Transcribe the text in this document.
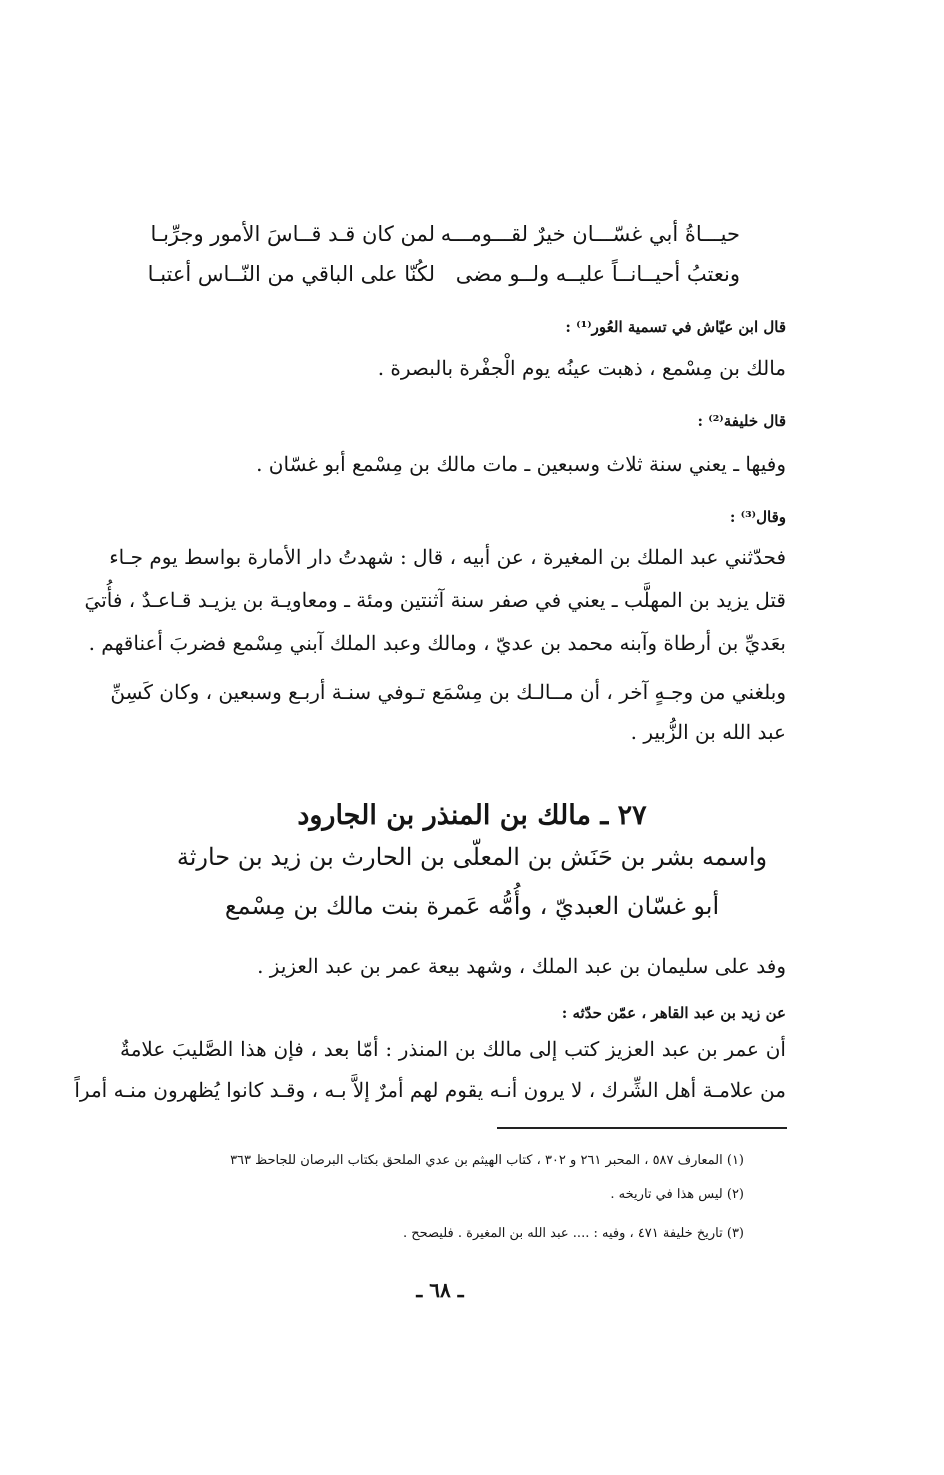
حيـــاةُ أبي غسّـــان خيرٌ لقـــومـــه
لمن كان قـد قــاسَ الأمور وجرِّبـا
ونعتبُ أحيــانــاً عليــه ولــو مضى
لكُنّا على الباقي من النّــاس أعتبـا
قال ابن عيّاش في تسمية العُور⁽¹⁾ :
مالك بن مِسْمع ، ذهبت عينُه يوم الْجفْرة بالبصرة .
قال خليفة⁽²⁾ :
وفيها ـ يعني سنة ثلاث وسبعين ـ مات مالك بن مِسْمع أبو غسّان .
وقال⁽³⁾ :
فحدّثني عبد الملك بن المغيرة ، عن أبيه ، قال : شهدتُ دار الأمارة بواسط يوم جـاء
قتل يزيد بن المهلَّب ـ يعني في صفر سنة آثنتين ومئة ـ ومعاويـة بن يزيـد قـاعـدٌ ، فأُتيَ
بعَديِّ بن أرطاة وآبنه محمد بن عديّ ، ومالك وعبد الملك آبني مِسْمع فضربَ أعناقهم .
وبلغني من وجـهٍ آخر ، أن مــالـك بن مِسْمَع تـوفي سنـة أربـع وسبعين ، وكان كَسِنِّ
عبد الله بن الزُّبير .
٢٧ ـ مالك بن المنذر بن الجارود
واسمه بشر بن حَنَش بن المعلّى بن الحارث بن زيد بن حارثة
أبو غسّان العبديّ ، وأُمُّه عَمرة بنت مالك بن مِسْمع
وفد على سليمان بن عبد الملك ، وشهد بيعة عمر بن عبد العزيز .
عن زيد بن عبد القاهر ، عمّن حدّثه :
أن عمر بن عبد العزيز كتب إلى مالك بن المنذر : أمّا بعد ، فإن هذا الصَّليبَ علامةٌ
من علامـة أهل الشِّرك ، لا يرون أنـه يقوم لهم أمرٌ إلاَّ بـه ، وقـد كانوا يُظهرون منـه أمراً
(١) المعارف ٥٨٧ ، المحبر ٢٦١ و ٣٠٢ ، كتاب الهيثم بن عدي الملحق بكتاب البرصان للجاحظ ٣٦٣
(٢) ليس هذا في تاريخه .
(٣) تاريخ خليفة ٤٧١ ، وفيه : .... عبد الله بن المغيرة . فليصحح .
ـ ٦٨ ـ
